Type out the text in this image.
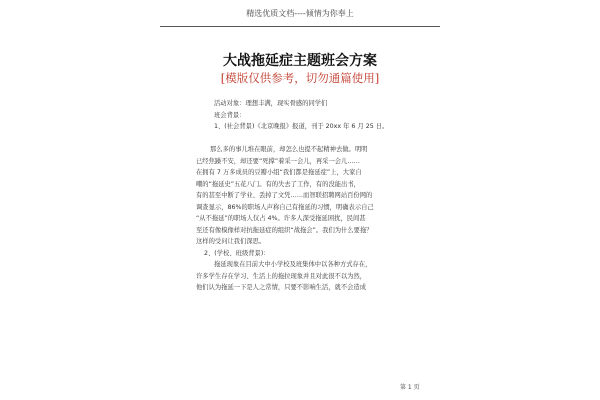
精选优质文档----倾情为你奉上
大战拖延症主题班会方案
[模版仅供参考，切勿通篇使用]
活动对象：理想丰满，现实骨感的同学们
班会背景：
1、(社会背景)《北京晚报》报道，刊于 20xx 年 6 月 25 日。
那么多的事儿堆在眼前，却怎么也提不起精神去做。明明
已经焦躁不安，却还要“死撑”着采一会儿，再采一会儿……
在拥有 7 万多成员的豆瓣小组“我们都是拖延症”上，大家自
嘲的“拖延史”五花八门。有的失去了工作，有的没能出书，
有的甚至中断了学业、丢掉了文凭……而智联招聘网站百份网的
调查显示，86%的职场人声称自己有拖延的习惯，明确表示自己
“从不拖延”的职场人仅占 4%。许多人深受拖延困扰，民间甚
至还有像模像样对抗拖延症的组织“战拖会”。我们为什么要拖？
这样的受问让我们深思。
2、(学校、班级背景)：
拖延现象在目前大中小学校及班集体中以各种方式存在，
许多学生存在学习、生活上的拖拉现象并且对此很不以为然，
他们认为拖延一下是人之常情，只要不影响生活，就不会造成
第 1 页
